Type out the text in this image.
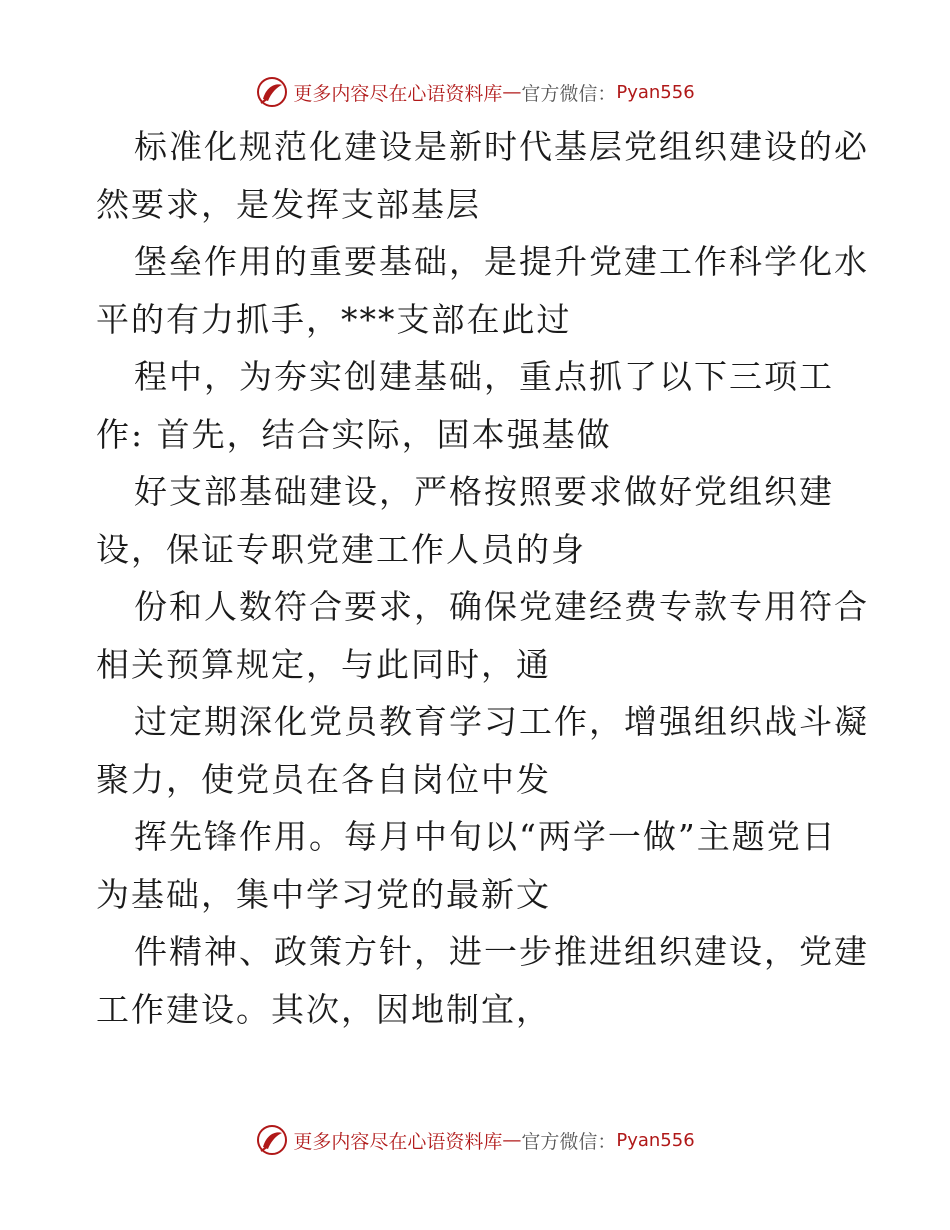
更多内容尽在心语资料库 — 官方微信： Pyan556
标准化规范化建设是新时代基层党组织建设的必
然要求，是发挥支部基层
堡垒作用的重要基础，是提升党建工作科学化水
平的有力抓手，***支部在此过
程中，为夯实创建基础，重点抓了以下三项工
作: 首先，结合实际，固本强基做
好支部基础建设，严格按照要求做好党组织建
设，保证专职党建工作人员的身
份和人数符合要求，确保党建经费专款专用符合
相关预算规定，与此同时，通
过定期深化党员教育学习工作，增强组织战斗凝
聚力，使党员在各自岗位中发
挥先锋作用。每月中旬以“两学一做”主题党日
为基础，集中学习党的最新文
件精神、政策方针，进一步推进组织建设，党建
工作建设。其次，因地制宜，
更多内容尽在心语资料库 — 官方微信： Pyan556
